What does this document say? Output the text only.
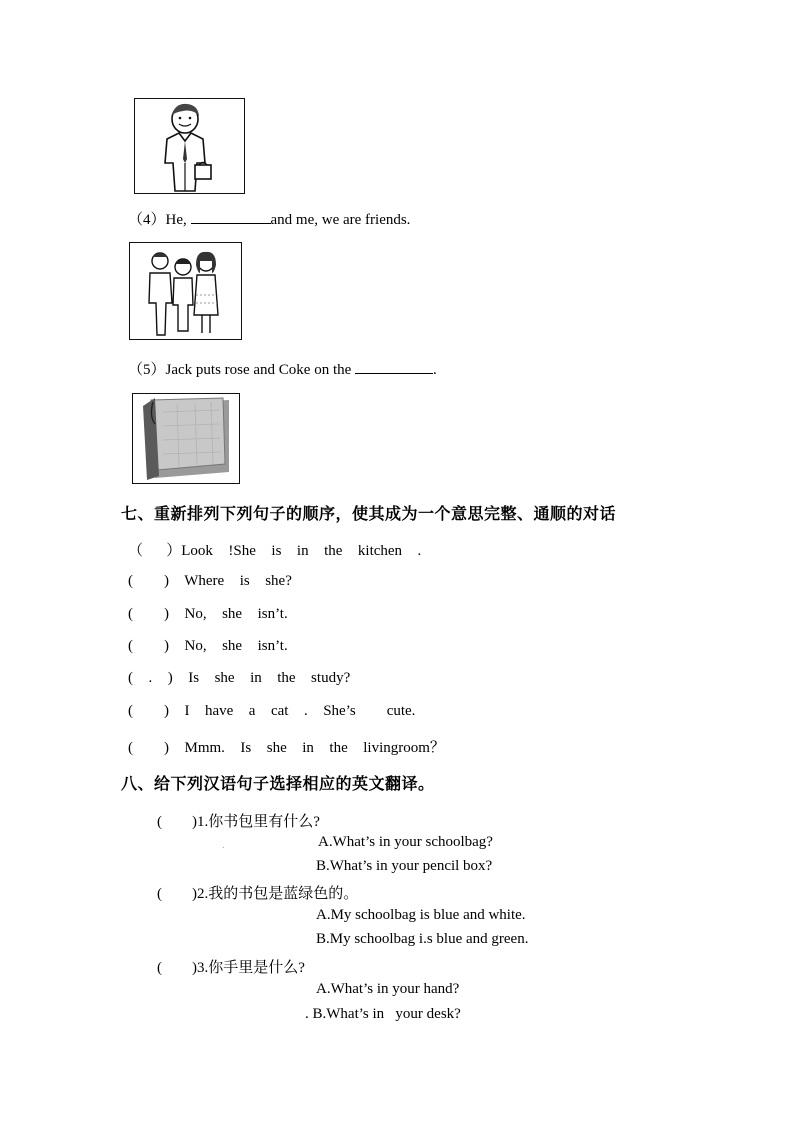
（4）He,	and me, we are friends.
（5）Jack puts rose and Coke on the	.
七、重新排列下列句子的顺序，使其成为一个意思完整、通顺的对话
（   ）Look  !She  is  in  the  kitchen  .
(    )  Where  is  she?
(    )  No,  she  isn’t.
(    )  No,  she  isn’t.
(  .  )  Is  she  in  the  study?
(    )  I  have  a  cat  .  She’s    cute.
(    )  Mmm.  Is  she  in  the  livingroom？
八、给下列汉语句子选择相应的英文翻译。
(        )1.你书包里有什么?
.	A.What’s in your schoolbag?
B.What’s in your pencil box?
(        )2.我的书包是蓝绿色的。
A.My schoolbag is blue and white.
B.My schoolbag i.s blue and green.
(        )3.你手里是什么?
A.What’s in your hand?
. B.What’s in   your desk?
